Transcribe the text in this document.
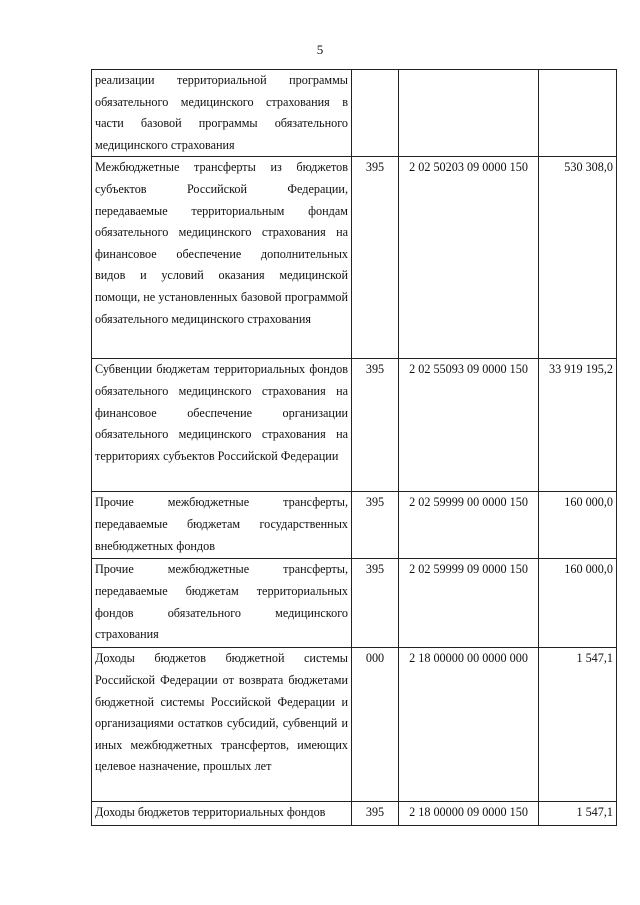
5
реализации территориальной программы обязательного медицинского страхования в части базовой программы обязательного медицинского страхования			
Межбюджетные трансферты из бюджетов субъектов Российской Федерации, передаваемые территориальным фондам обязательного медицинского страхования на финансовое обеспечение дополнительных видов и условий оказания медицинской помощи, не установленных базовой программой обязательного медицинского страхования	395	2 02 50203 09 0000 150	530 308,0
Субвенции бюджетам территориальных фондов обязательного медицинского страхования на финансовое обеспечение организации обязательного медицинского страхования на территориях субъектов Российской Федерации	395	2 02 55093 09 0000 150	33 919 195,2
Прочие межбюджетные трансферты, передаваемые бюджетам государственных внебюджетных фондов	395	2 02 59999 00 0000 150	160 000,0
Прочие межбюджетные трансферты, передаваемые бюджетам территориальных фондов обязательного медицинского страхования	395	2 02 59999 09 0000 150	160 000,0
Доходы бюджетов бюджетной системы Российской Федерации от возврата бюджетами бюджетной системы Российской Федерации и организациями остатков субсидий, субвенций и иных межбюджетных трансфертов, имеющих целевое назначение, прошлых лет	000	2 18 00000 00 0000 000	1 547,1
Доходы бюджетов территориальных фондов	395	2 18 00000 09 0000 150	1 547,1
